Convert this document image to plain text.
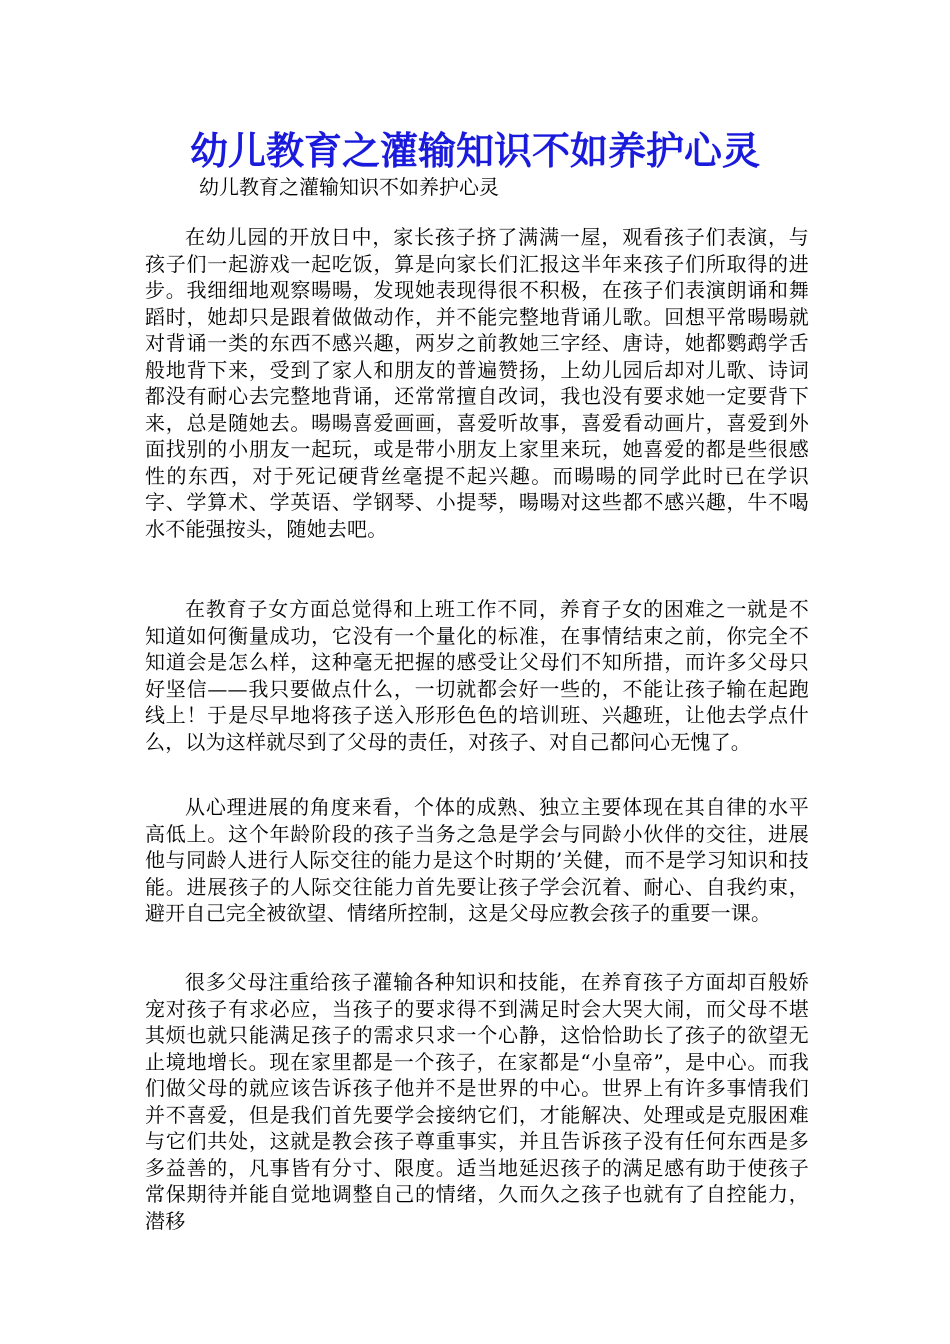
幼儿教育之灌输知识不如养护心灵

幼儿教育之灌输知识不如养护心灵

在幼儿园的开放日中，家长孩子挤了满满一屋，观看孩子们表演，与孩子们一起游戏一起吃饭，算是向家长们汇报这半年来孩子们所取得的进步。我细细地观察暘暘，发现她表现得很不积极，在孩子们表演朗诵和舞蹈时，她却只是跟着做做动作，并不能完整地背诵儿歌。回想平常暘暘就对背诵一类的东西不感兴趣，两岁之前教她三字经、唐诗，她都鹦鹉学舌般地背下来，受到了家人和朋友的普遍赞扬，上幼儿园后却对儿歌、诗词都没有耐心去完整地背诵，还常常擅自改词，我也没有要求她一定要背下来，总是随她去。暘暘喜爱画画，喜爱听故事，喜爱看动画片，喜爱到外面找别的小朋友一起玩，或是带小朋友上家里来玩，她喜爱的都是些很感性的东西，对于死记硬背丝毫提不起兴趣。而暘暘的同学此时已在学识字、学算术、学英语、学钢琴、小提琴，暘暘对这些都不感兴趣，牛不喝水不能强按头，随她去吧。

在教育子女方面总觉得和上班工作不同，养育子女的困难之一就是不知道如何衡量成功，它没有一个量化的标准，在事情结束之前，你完全不知道会是怎么样，这种毫无把握的感受让父母们不知所措，而许多父母只好坚信——我只要做点什么，一切就都会好一些的，不能让孩子输在起跑线上！于是尽早地将孩子送入形形色色的培训班、兴趣班，让他去学点什么，以为这样就尽到了父母的责任，对孩子、对自己都问心无愧了。

从心理进展的角度来看，个体的成熟、独立主要体现在其自律的水平高低上。这个年龄阶段的孩子当务之急是学会与同龄小伙伴的交往，进展他与同龄人进行人际交往的能力是这个时期的’关健，而不是学习知识和技能。进展孩子的人际交往能力首先要让孩子学会沉着、耐心、自我约束，避开自己完全被欲望、情绪所控制，这是父母应教会孩子的重要一课。

很多父母注重给孩子灌输各种知识和技能，在养育孩子方面却百般娇宠对孩子有求必应，当孩子的要求得不到满足时会大哭大闹，而父母不堪其烦也就只能满足孩子的需求只求一个心静，这恰恰助长了孩子的欲望无止境地增长。现在家里都是一个孩子，在家都是“小皇帝”，是中心。而我们做父母的就应该告诉孩子他并不是世界的中心。世界上有许多事情我们并不喜爱，但是我们首先要学会接纳它们，才能解决、处理或是克服困难与它们共处，这就是教会孩子尊重事实，并且告诉孩子没有任何东西是多多益善的，凡事皆有分寸、限度。适当地延迟孩子的满足感有助于使孩子常保期待并能自觉地调整自己的情绪，久而久之孩子也就有了自控能力，潜移
